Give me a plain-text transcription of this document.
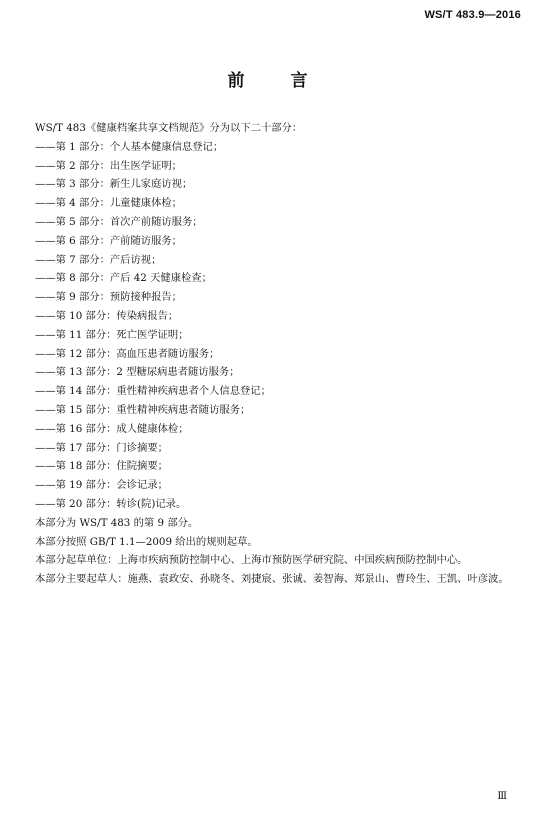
WS/T 483.9—2016
前 言
WS/T 483《健康档案共享文档规范》分为以下二十部分：
——第 1 部分：个人基本健康信息登记；
——第 2 部分：出生医学证明；
——第 3 部分：新生儿家庭访视；
——第 4 部分：儿童健康体检；
——第 5 部分：首次产前随访服务；
——第 6 部分：产前随访服务；
——第 7 部分：产后访视；
——第 8 部分：产后 42 天健康检查；
——第 9 部分：预防接种报告；
——第 10 部分：传染病报告；
——第 11 部分：死亡医学证明；
——第 12 部分：高血压患者随访服务；
——第 13 部分：2 型糖尿病患者随访服务；
——第 14 部分：重性精神疾病患者个人信息登记；
——第 15 部分：重性精神疾病患者随访服务；
——第 16 部分：成人健康体检；
——第 17 部分：门诊摘要；
——第 18 部分：住院摘要；
——第 19 部分：会诊记录；
——第 20 部分：转诊(院)记录。
本部分为 WS/T 483 的第 9 部分。
本部分按照 GB/T 1.1—2009 给出的规则起草。
本部分起草单位：上海市疾病预防控制中心、上海市预防医学研究院、中国疾病预防控制中心。
本部分主要起草人：施燕、袁政安、孙晓冬、刘捷宸、张诚、姜智海、郑景山、曹玲生、王凯、叶彦波。
Ⅲ
